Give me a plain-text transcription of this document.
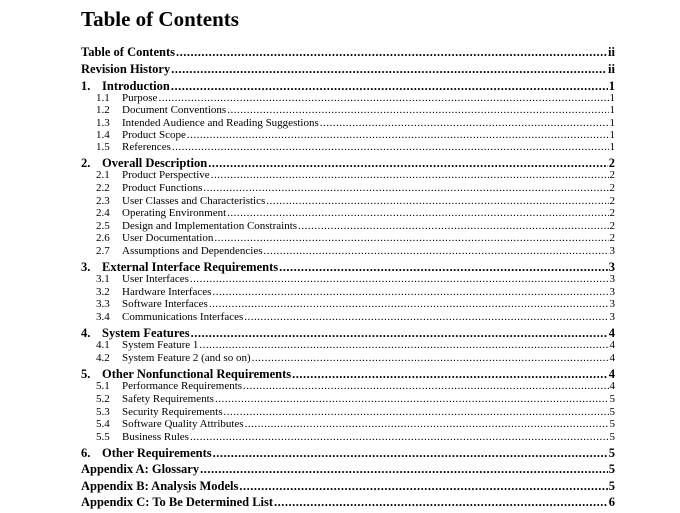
Table of Contents
Table of Contents .....	ii
Revision History .....	ii
1. Introduction .....	1
1.1	Purpose .....	1
1.2	Document Conventions .....	1
1.3	Intended Audience and Reading Suggestions .....	1
1.4	Product Scope .....	1
1.5	References .....	1
2. Overall Description .....	2
2.1	Product Perspective .....	2
2.2	Product Functions .....	2
2.3	User Classes and Characteristics .....	2
2.4	Operating Environment .....	2
2.5	Design and Implementation Constraints .....	2
2.6	User Documentation .....	2
2.7	Assumptions and Dependencies .....	3
3. External Interface Requirements .....	3
3.1	User Interfaces .....	3
3.2	Hardware Interfaces .....	3
3.3	Software Interfaces .....	3
3.4	Communications Interfaces .....	3
4. System Features .....	4
4.1	System Feature 1 .....	4
4.2	System Feature 2 (and so on) .....	4
5. Other Nonfunctional Requirements .....	4
5.1	Performance Requirements .....	4
5.2	Safety Requirements .....	5
5.3	Security Requirements .....	5
5.4	Software Quality Attributes .....	5
5.5	Business Rules .....	5
6. Other Requirements .....	5
Appendix A: Glossary .....	5
Appendix B: Analysis Models .....	5
Appendix C: To Be Determined List .....	6
